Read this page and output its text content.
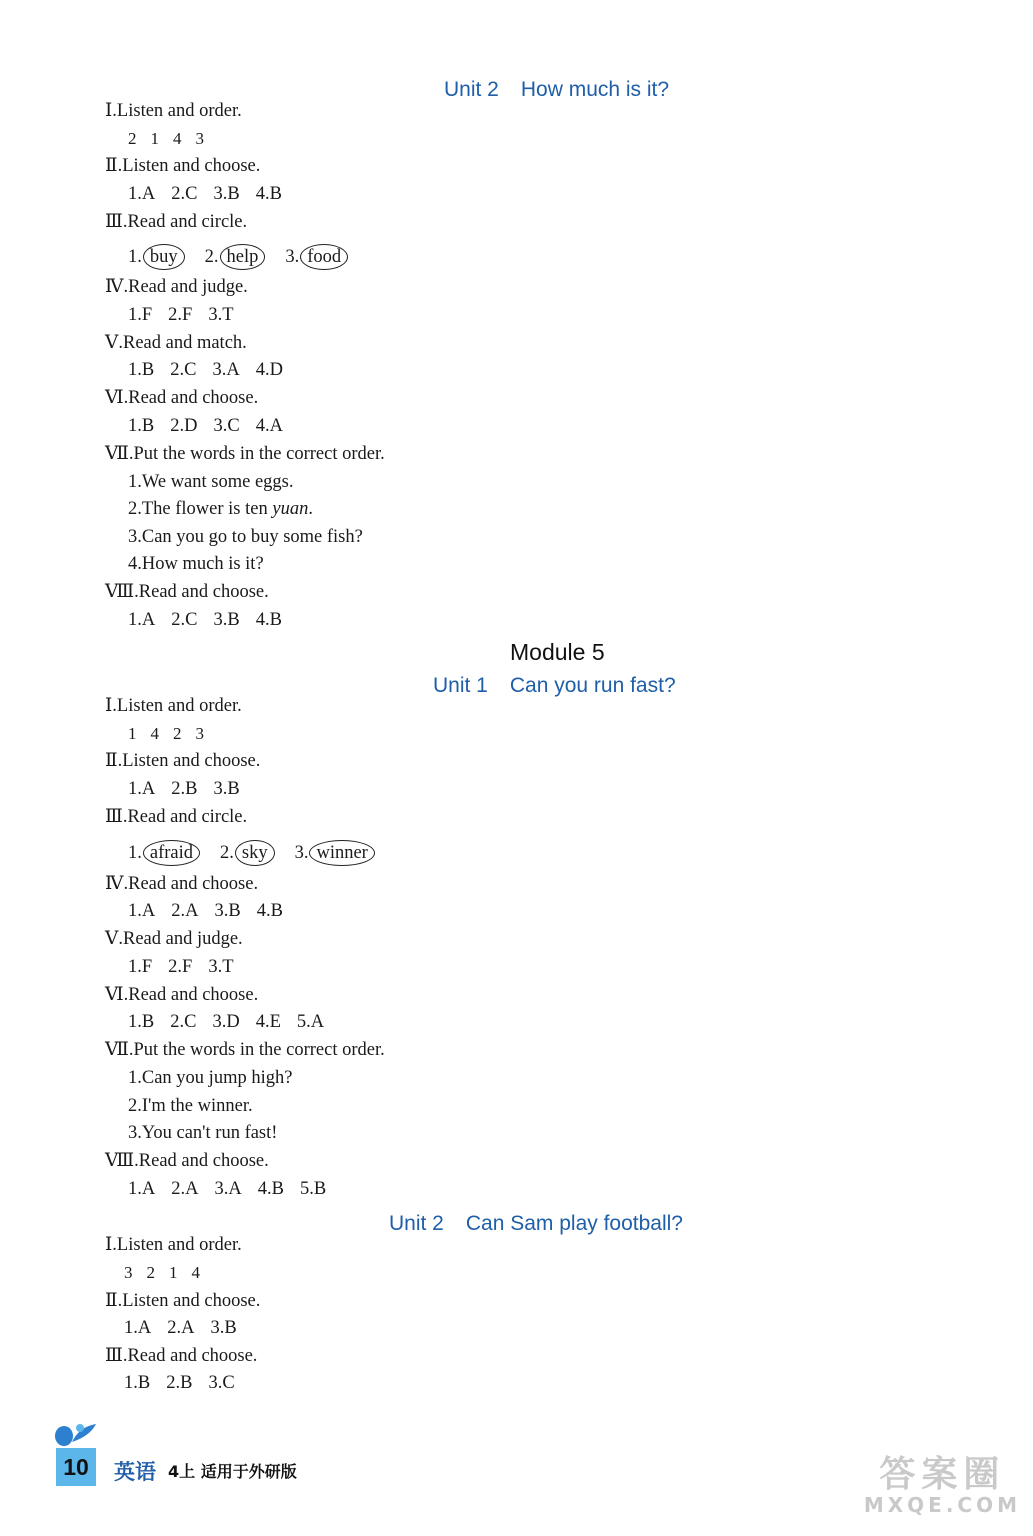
Unit 2 How much is it?
Ⅰ.Listen and order.
2 1 4 3
Ⅱ.Listen and choose.
1.A 2.C 3.B 4.B
Ⅲ.Read and circle.
1. buy 2. help 3. food
Ⅳ.Read and judge.
1.F 2.F 3.T
Ⅴ.Read and match.
1.B 2.C 3.A 4.D
Ⅵ.Read and choose.
1.B 2.D 3.C 4.A
Ⅶ.Put the words in the correct order.
1.We want some eggs.
2.The flower is ten yuan.
3.Can you go to buy some fish?
4.How much is it?
Ⅷ.Read and choose.
1.A 2.C 3.B 4.B
Module 5
Unit 1 Can you run fast?
Ⅰ.Listen and order.
1 4 2 3
Ⅱ.Listen and choose.
1.A 2.B 3.B
Ⅲ.Read and circle.
1. afraid 2. sky 3. winner
Ⅳ.Read and choose.
1.A 2.A 3.B 4.B
Ⅴ.Read and judge.
1.F 2.F 3.T
Ⅵ.Read and choose.
1.B 2.C 3.D 4.E 5.A
Ⅶ.Put the words in the correct order.
1.Can you jump high?
2.I'm the winner.
3.You can't run fast!
Ⅷ.Read and choose.
1.A 2.A 3.A 4.B 5.B
Unit 2 Can Sam play football?
Ⅰ.Listen and order.
3 2 1 4
Ⅱ.Listen and choose.
1.A 2.A 3.B
Ⅲ.Read and choose.
1.B 2.B 3.C
10	英语 4上 适用于外研版	答案圈
MXQE.COM
